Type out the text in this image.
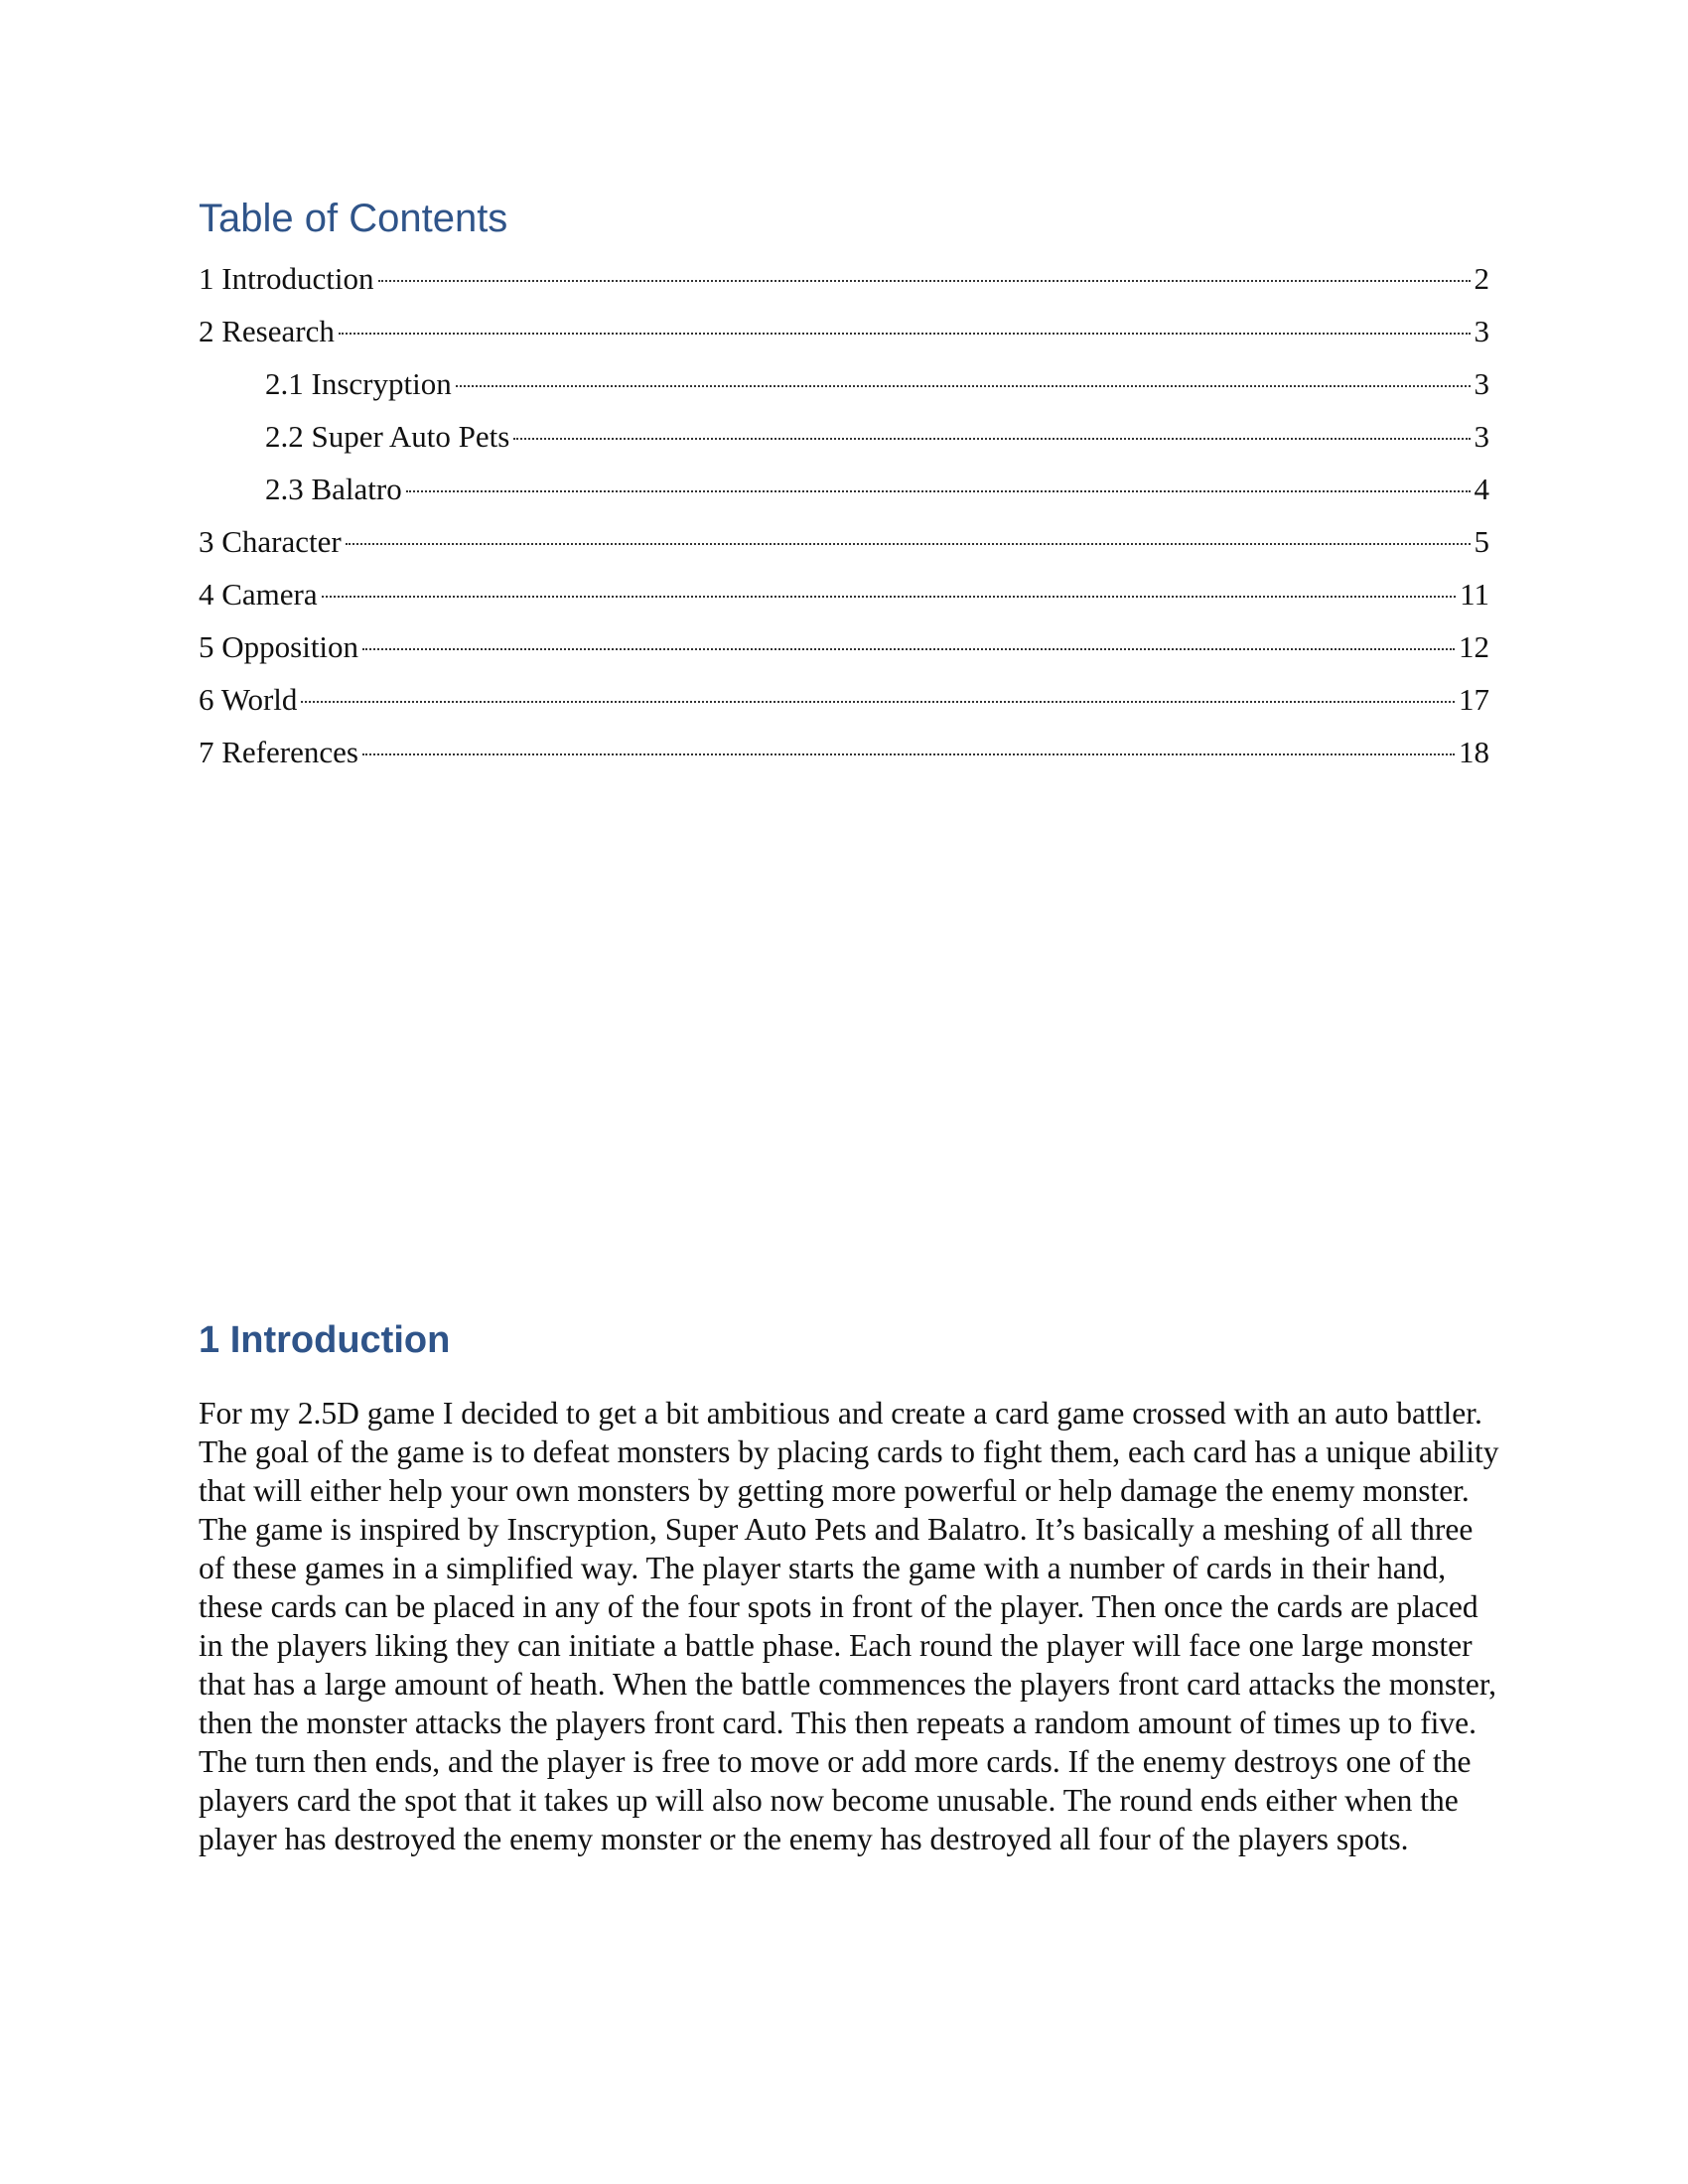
Table of Contents
1 Introduction	2
2 Research	3
2.1 Inscryption	3
2.2 Super Auto Pets	3
2.3 Balatro	4
3 Character	5
4 Camera	11
5 Opposition	12
6 World	17
7 References	18
1 Introduction

For my 2.5D game I decided to get a bit ambitious and create a card game crossed with an auto battler. The goal of the game is to defeat monsters by placing cards to fight them, each card has a unique ability that will either help your own monsters by getting more powerful or help damage the enemy monster. The game is inspired by Inscryption, Super Auto Pets and Balatro. It’s basically a meshing of all three of these games in a simplified way. The player starts the game with a number of cards in their hand, these cards can be placed in any of the four spots in front of the player. Then once the cards are placed in the players liking they can initiate a battle phase. Each round the player will face one large monster that has a large amount of heath. When the battle commences the players front card attacks the monster, then the monster attacks the players front card. This then repeats a random amount of times up to five. The turn then ends, and the player is free to move or add more cards. If the enemy destroys one of the players card the spot that it takes up will also now become unusable. The round ends either when the player has destroyed the enemy monster or the enemy has destroyed all four of the players spots.
